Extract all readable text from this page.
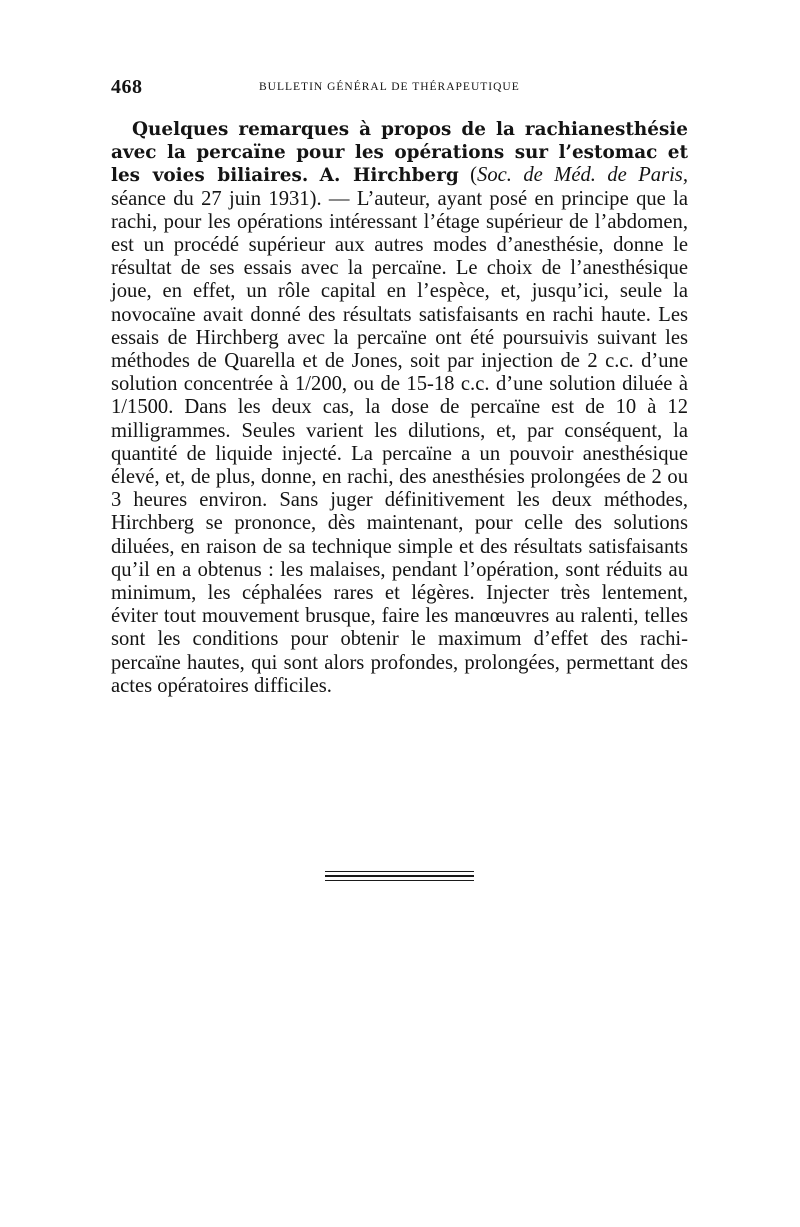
468	BULLETIN GÉNÉRAL DE THÉRAPEUTIQUE

Quelques remarques à propos de la rachianesthésie avec la percaïne pour les opérations sur l’estomac et les voies biliaires. A. Hirchberg (Soc. de Méd. de Paris, séance du 27 juin 1931). — L’auteur, ayant posé en principe que la rachi, pour les opérations intéressant l’étage supérieur de l’abdomen, est un procédé supérieur aux autres modes d’anesthésie, donne le résultat de ses essais avec la percaïne. Le choix de l’anesthésique joue, en effet, un rôle capital en l’espèce, et, jusqu’ici, seule la novocaïne avait donné des résultats satisfaisants en rachi haute. Les essais de Hirchberg avec la percaïne ont été poursuivis suivant les méthodes de Quarella et de Jones, soit par injection de 2 c.c. d’une solution concentrée à 1/200, ou de 15-18 c.c. d’une solution diluée à 1/1500. Dans les deux cas, la dose de percaïne est de 10 à 12 milligrammes. Seules varient les dilutions, et, par conséquent, la quantité de liquide injecté. La percaïne a un pouvoir anesthésique élevé, et, de plus, donne, en rachi, des anesthésies prolongées de 2 ou 3 heures environ. Sans juger définitivement les deux méthodes, Hirchberg se prononce, dès maintenant, pour celle des solutions diluées, en raison de sa technique simple et des résultats satisfaisants qu’il en a obtenus : les malaises, pendant l’opération, sont réduits au minimum, les céphalées rares et légères. Injecter très lentement, éviter tout mouvement brusque, faire les manœuvres au ralenti, telles sont les conditions pour obtenir le maximum d’effet des rachi-percaïne hautes, qui sont alors profondes, prolongées, permettant des actes opératoires difficiles.
